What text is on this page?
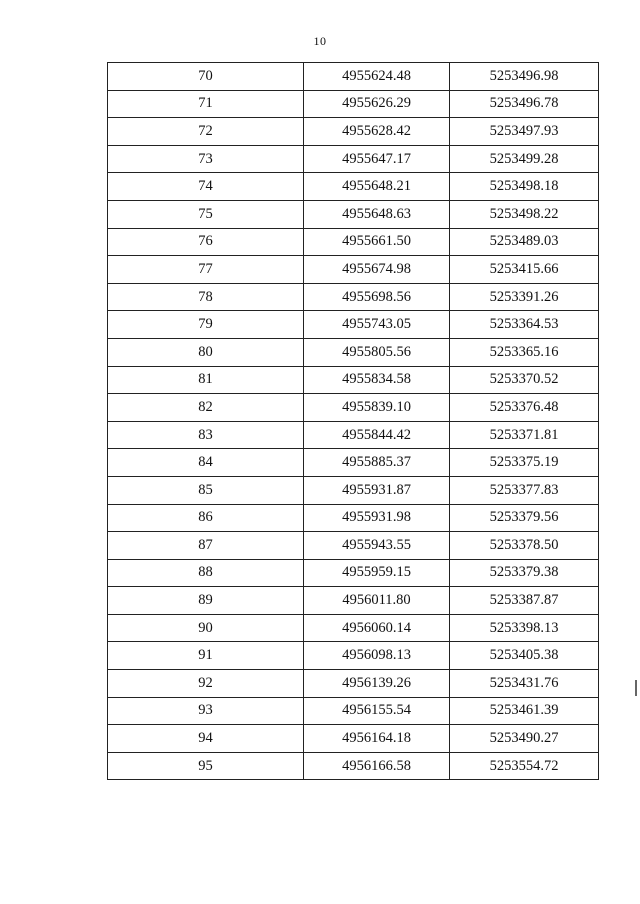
10
70	4955624.48	5253496.98
71	4955626.29	5253496.78
72	4955628.42	5253497.93
73	4955647.17	5253499.28
74	4955648.21	5253498.18
75	4955648.63	5253498.22
76	4955661.50	5253489.03
77	4955674.98	5253415.66
78	4955698.56	5253391.26
79	4955743.05	5253364.53
80	4955805.56	5253365.16
81	4955834.58	5253370.52
82	4955839.10	5253376.48
83	4955844.42	5253371.81
84	4955885.37	5253375.19
85	4955931.87	5253377.83
86	4955931.98	5253379.56
87	4955943.55	5253378.50
88	4955959.15	5253379.38
89	4956011.80	5253387.87
90	4956060.14	5253398.13
91	4956098.13	5253405.38
92	4956139.26	5253431.76
93	4956155.54	5253461.39
94	4956164.18	5253490.27
95	4956166.58	5253554.72
